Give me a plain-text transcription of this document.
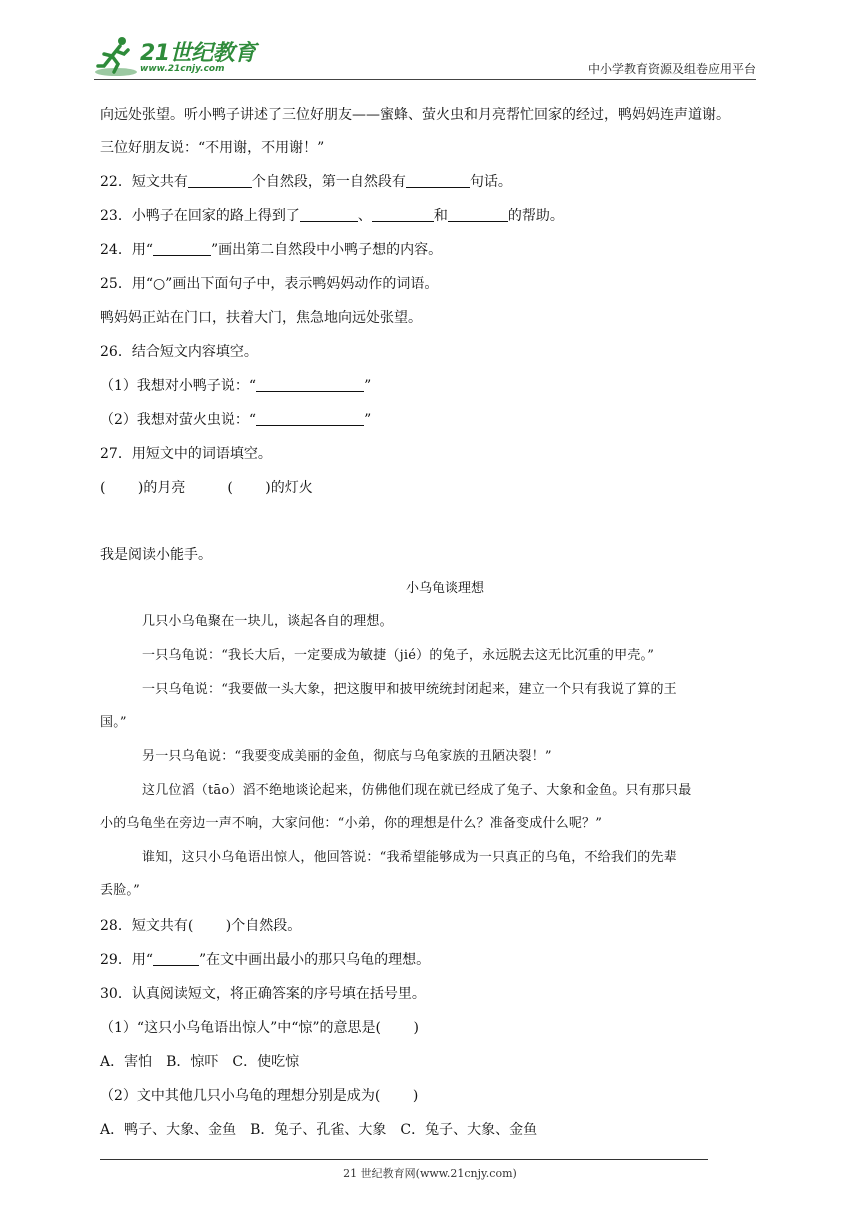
21世纪教育
www.21cnjy.com	中小学教育资源及组卷应用平台
向远处张望。听小鸭子讲述了三位好朋友——蜜蜂、萤火虫和月亮帮忙回家的经过，鸭妈妈连声道谢。
三位好朋友说：“不用谢，不用谢！”
22．短文共有	个自然段，第一自然段有	句话。
23．小鸭子在回家的路上得到了	、	和	的帮助。
24．用“	”画出第二自然段中小鸭子想的内容。
25．用“○”画出下面句子中，表示鸭妈妈动作的词语。
鸭妈妈正站在门口，扶着大门，焦急地向远处张望。
26．结合短文内容填空。
（1）我想对小鸭子说：“	”
（2）我想对萤火虫说：“	”
27．用短文中的词语填空。
(　　 )的月亮　　　(　　 )的灯火
我是阅读小能手。
小乌龟谈理想
几只小乌龟聚在一块儿，谈起各自的理想。
一只乌龟说：“我长大后，一定要成为敏捷（jié）的兔子，永远脱去这无比沉重的甲壳。”
一只乌龟说：“我要做一头大象，把这腹甲和披甲统统封闭起来，建立一个只有我说了算的王
国。”
另一只乌龟说：“我要变成美丽的金鱼，彻底与乌龟家族的丑陋决裂！”
这几位滔（tāo）滔不绝地谈论起来，仿佛他们现在就已经成了兔子、大象和金鱼。只有那只最
小的乌龟坐在旁边一声不响，大家问他：“小弟，你的理想是什么？准备变成什么呢？”
谁知，这只小乌龟语出惊人，他回答说：“我希望能够成为一只真正的乌龟，不给我们的先辈
丢脸。”
28．短文共有(　　 )个自然段。
29．用“	”在文中画出最小的那只乌龟的理想。
30．认真阅读短文，将正确答案的序号填在括号里。
（1）“这只小乌龟语出惊人”中“惊”的意思是(　　 )
A．害怕　B．惊吓　C．使吃惊
（2）文中其他几只小乌龟的理想分别是成为(　　 )
A．鸭子、大象、金鱼　B．兔子、孔雀、大象　C．兔子、大象、金鱼
21 世纪教育网(www.21cnjy.com)
